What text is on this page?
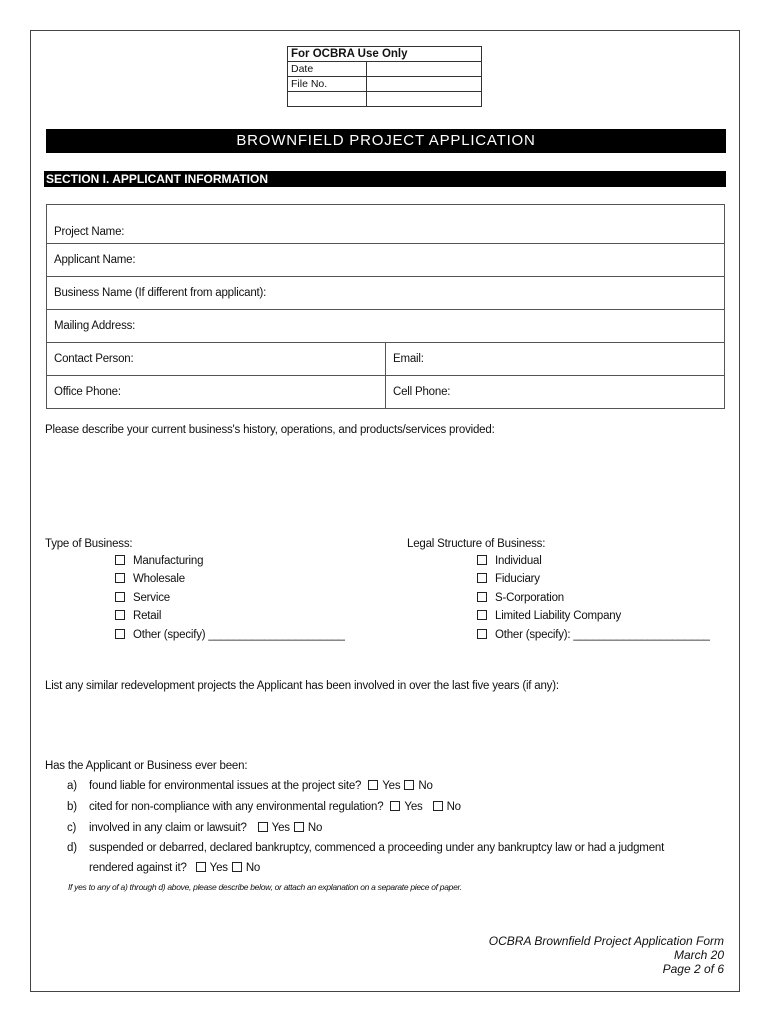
For OCBRA Use Only	
Date	
File No.	

BROWNFIELD PROJECT APPLICATION
SECTION I. APPLICANT INFORMATION
Project Name:	
Applicant Name:	
Business Name (If different from applicant):	
Mailing Address:	
Contact Person:	Email:
Office Phone:	Cell Phone:
Please describe your current business's history, operations, and products/services provided:
Type of Business:
Manufacturing
Wholesale
Service
Retail
Other (specify) ______________________
Legal Structure of Business:
Individual
Fiduciary
S-Corporation
Limited Liability Company
Other (specify): ______________________
List any similar redevelopment projects the Applicant has been involved in over the last five years (if any):
Has the Applicant or Business ever been:
a) found liable for environmental issues at the project site? Yes No
b) cited for non-compliance with any environmental regulation? Yes No
c) involved in any claim or lawsuit? Yes No
d) suspended or debarred, declared bankruptcy, commenced a proceeding under any bankruptcy law or had a judgment
rendered against it? Yes No
If yes to any of a) through d) above, please describe below, or attach an explanation on a separate piece of paper.
OCBRA Brownfield Project Application Form
March 20
Page 2 of 6
